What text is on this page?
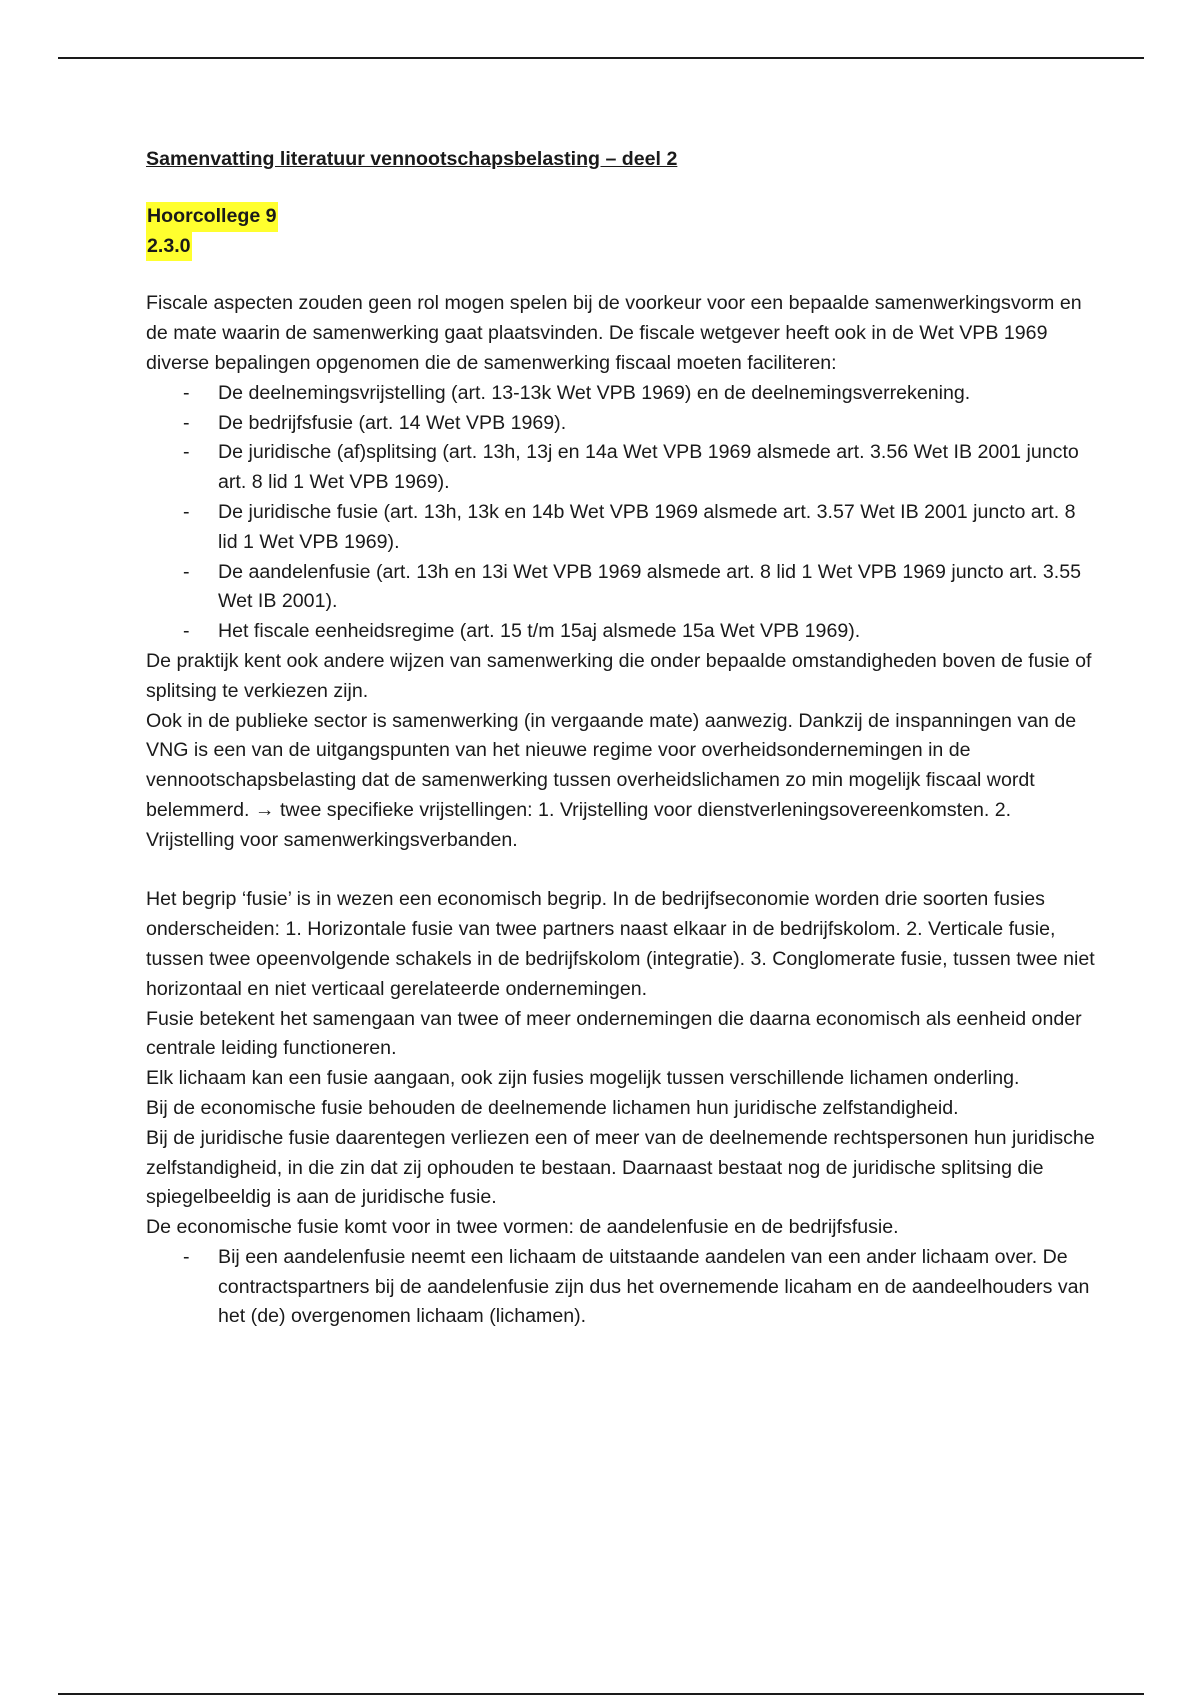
Samenvatting literatuur vennootschapsbelasting – deel 2

Hoorcollege 9
2.3.0

Fiscale aspecten zouden geen rol mogen spelen bij de voorkeur voor een bepaalde samenwerkingsvorm en de mate waarin de samenwerking gaat plaatsvinden. De fiscale wetgever heeft ook in de Wet VPB 1969 diverse bepalingen opgenomen die de samenwerking fiscaal moeten faciliteren:

- De deelnemingsvrijstelling (art. 13-13k Wet VPB 1969) en de deelnemingsverrekening.
- De bedrijfsfusie (art. 14 Wet VPB 1969).
- De juridische (af)splitsing (art. 13h, 13j en 14a Wet VPB 1969 alsmede art. 3.56 Wet IB 2001 juncto art. 8 lid 1 Wet VPB 1969).
- De juridische fusie (art. 13h, 13k en 14b Wet VPB 1969 alsmede art. 3.57 Wet IB 2001 juncto art. 8 lid 1 Wet VPB 1969).
- De aandelenfusie (art. 13h en 13i Wet VPB 1969 alsmede art. 8 lid 1 Wet VPB 1969 juncto art. 3.55 Wet IB 2001).
- Het fiscale eenheidsregime (art. 15 t/m 15aj alsmede 15a Wet VPB 1969).

De praktijk kent ook andere wijzen van samenwerking die onder bepaalde omstandigheden boven de fusie of splitsing te verkiezen zijn.

Ook in de publieke sector is samenwerking (in vergaande mate) aanwezig. Dankzij de inspanningen van de VNG is een van de uitgangspunten van het nieuwe regime voor overheidsondernemingen in de vennootschapsbelasting dat de samenwerking tussen overheidslichamen zo min mogelijk fiscaal wordt belemmerd. → twee specifieke vrijstellingen: 1. Vrijstelling voor dienstverleningsovereenkomsten. 2. Vrijstelling voor samenwerkingsverbanden.

Het begrip ‘fusie’ is in wezen een economisch begrip. In de bedrijfseconomie worden drie soorten fusies onderscheiden: 1. Horizontale fusie van twee partners naast elkaar in de bedrijfskolom. 2. Verticale fusie, tussen twee opeenvolgende schakels in de bedrijfskolom (integratie). 3. Conglomerate fusie, tussen twee niet horizontaal en niet verticaal gerelateerde ondernemingen.

Fusie betekent het samengaan van twee of meer ondernemingen die daarna economisch als eenheid onder centrale leiding functioneren.

Elk lichaam kan een fusie aangaan, ook zijn fusies mogelijk tussen verschillende lichamen onderling.

Bij de economische fusie behouden de deelnemende lichamen hun juridische zelfstandigheid.

Bij de juridische fusie daarentegen verliezen een of meer van de deelnemende rechtspersonen hun juridische zelfstandigheid, in die zin dat zij ophouden te bestaan. Daarnaast bestaat nog de juridische splitsing die spiegelbeeldig is aan de juridische fusie.

De economische fusie komt voor in twee vormen: de aandelenfusie en de bedrijfsfusie.

- Bij een aandelenfusie neemt een lichaam de uitstaande aandelen van een ander lichaam over. De contractspartners bij de aandelenfusie zijn dus het overnemende licaham en de aandeelhouders van het (de) overgenomen lichaam (lichamen).
